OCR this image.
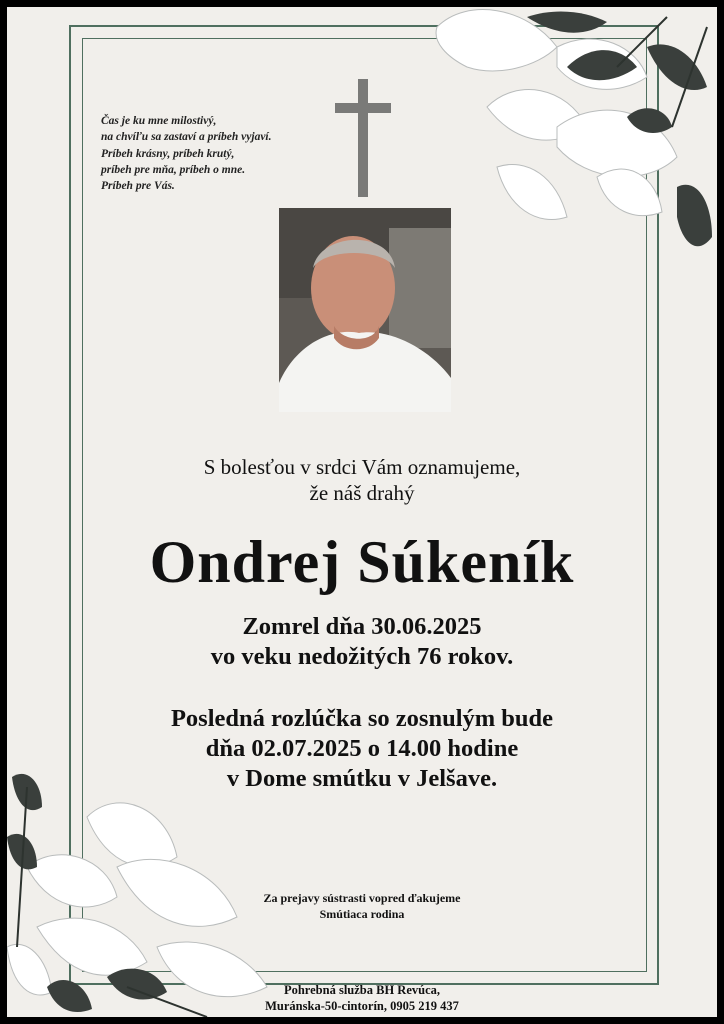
Čas je ku mne milostivý,
na chvíľu sa zastaví a príbeh vyjaví.
Príbeh krásny, príbeh krutý,
príbeh pre mňa, príbeh o mne.
Príbeh pre Vás.
S bolesťou v srdci Vám oznamujeme,
že náš drahý
Ondrej Súkeník
Zomrel dňa 30.06.2025
vo veku nedožitých 76 rokov.
Posledná rozlúčka so zosnulým bude
dňa 02.07.2025 o 14.00 hodine
v Dome smútku v Jelšave.
Za prejavy sústrasti vopred ďakujeme
Smútiaca rodina
Pohrebná služba BH Revúca,
Muránska-50-cintorín, 0905 219 437
